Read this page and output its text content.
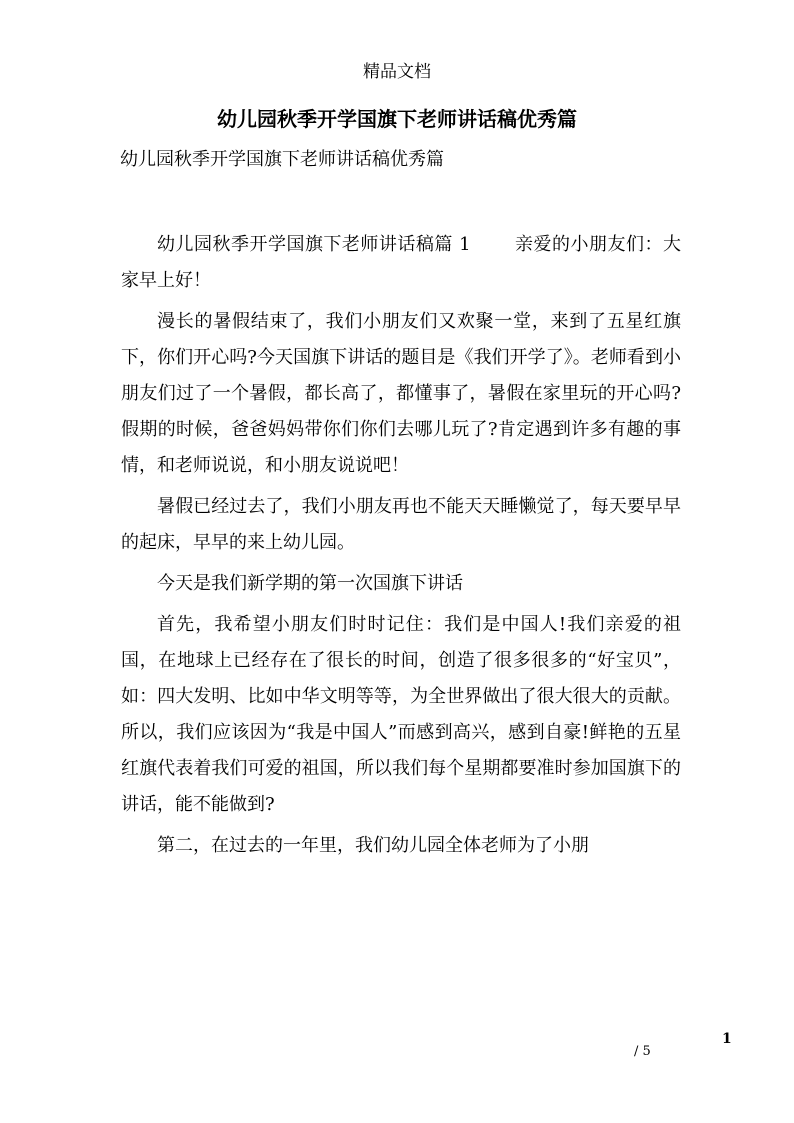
精品文档
幼儿园秋季开学国旗下老师讲话稿优秀篇
幼儿园秋季开学国旗下老师讲话稿优秀篇

幼儿园秋季开学国旗下老师讲话稿篇 1 亲爱的小朋友们：大家早上好！

漫长的暑假结束了，我们小朋友们又欢聚一堂，来到了五星红旗下，你们开心吗?今天国旗下讲话的题目是《我们开学了》。老师看到小朋友们过了一个暑假，都长高了，都懂事了，暑假在家里玩的开心吗?假期的时候，爸爸妈妈带你们你们去哪儿玩了?肯定遇到许多有趣的事情，和老师说说，和小朋友说说吧！

暑假已经过去了，我们小朋友再也不能天天睡懒觉了，每天要早早的起床，早早的来上幼儿园。

今天是我们新学期的第一次国旗下讲话

首先，我希望小朋友们时时记住：我们是中国人!我们亲爱的祖国，在地球上已经存在了很长的时间，创造了很多很多的“好宝贝”，如：四大发明、比如中华文明等等，为全世界做出了很大很大的贡献。所以，我们应该因为“我是中国人”而感到高兴，感到自豪!鲜艳的五星红旗代表着我们可爱的祖国，所以我们每个星期都要准时参加国旗下的讲话，能不能做到?

第二，在过去的一年里，我们幼儿园全体老师为了小朋

1
/ 5
